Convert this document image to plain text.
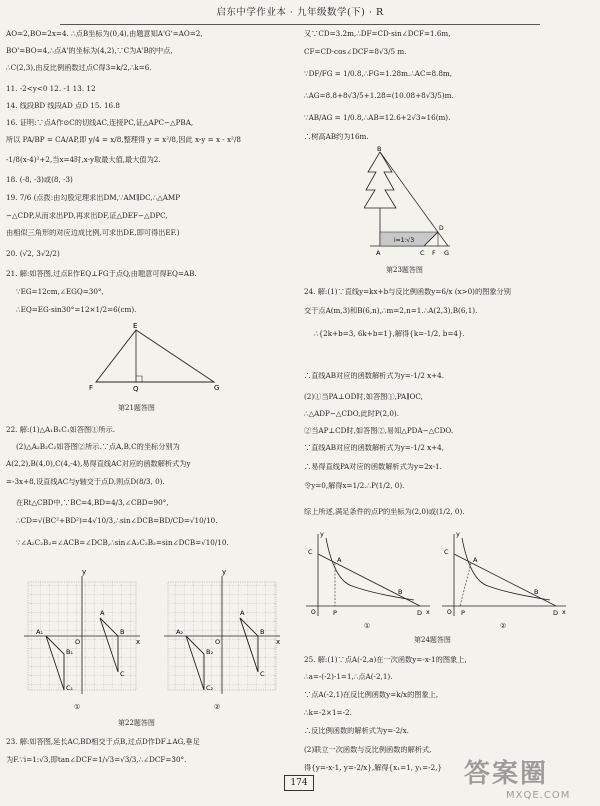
启东中学作业本 · 九年级数学(下) · R
AO=2,BO=2x=4. ∴点B坐标为(0,4),由题意知A'G'=AO=2,
BO'=BO=4,∴点A'的坐标为(4,2),∵C为A'B的中点,
∴C(2,3),由反比例函数过点C得3=k/2,∴k=6.
11. -2<y<0 12. -1 13. 12
14. 线段BD 线段AD 点D 15. 16.8
16. 证明:∵点A作⊙C的切线AC,连接PC,证△APC∽△PBA,
所以 PA/BP = CA/AP,即 y/4 = x/8,整理得 y = x²/8,因此 x-y = x - x²/8
-1/8(x-4)²+2,当x=4时,x-y取最大值,最大值为2.
18. (-8, -3)或(8, -3)
19. 7/6 (点拨:由勾股定理求出DM,∵AM∥DC,∴△AMP
∽△CDP,从而求出PD,再求出DF,证△DEF∽△DPC,
由相似三角形的对应边成比例,可求出DE,即可得出EF.)
20. (√2, 3√2/2)
21. 解:如答图,过点E作EQ⊥FG于点Q,由题意可得EQ=AB.
∵EG=12cm,∠EGQ=30°,
∴EQ=EG·sin30°=12×1/2=6(cm).
E
F	Q	G
第21题答图
22. 解:(1)△A₁B₁C₁如答图①所示.
(2)△A₂B₂C₂如答图②所示.∵点A,B,C的坐标分别为
A(2,2),B(4,0),C(4,-4),易得直线AC对应的函数解析式为y
=-3x+8,设直线AC与y轴交于点D,则点D(8/3, 0).
在Rt△CBD中,∵BC=4,BD=4/3,∠CBD=90°,
∴CD=√(BC²+BD²)=4√10/3,∴sin∠DCB=BD/CD=√10/10.
∵∠A₂C₂B₂=∠ACB=∠DCB,∴sin∠A₂C₂B₂=sin∠DCB=√10/10.
y
x
O
A
B
C
A₁
B₁
C₁
y
x
O
A
B
C
A₂
B₂
C₂
①	②
第22题答图
23. 解:如答图,延长AC,BD相交于点B,过点D作DF⊥AG,垂足
为F.∵i=1:√3,即tan∠DCF=1/√3=√3/3,∴∠DCF=30°.
又∵CD=3.2m,∴DF=CD·sin∠DCF=1.6m,
CF=CD·cos∠DCF=8√3/5 m.
∵DF/FG = 1/0.8,∴FG=1.28m.∴AC=8.8m,
∴AG=8.8+8√3/5+1.28=(10.08+8√3/5)m.
∵AB/AG = 1/0.8,∴AB=12.6+2√3≈16(m).
∴树高AB约为16m.
B
A	C F G
D
i=1:√3
第23题答图
24. 解:(1)∵直线y=kx+b与反比例函数y=6/x (x>0)的图象分别
交于点A(m,3)和B(6,n),∴m=2,n=1.∴A(2,3),B(6,1).
∴{2k+b=3, 6k+b=1},解得{k=-1/2, b=4}.
∴直线AB对应的函数解析式为y=-1/2 x+4.
(2)①当PA⊥OD时,如答图①,PA∥OC,
∴△ADP∽△CDO,此时P(2,0).
②当AP⊥CD时,如答图②,易知△PDA∽△CDO.
∵直线AB对应的函数解析式为y=-1/2 x+4,
∴易得直线PA对应的函数解析式为y=2x-1.
令y=0,解得x=1/2.∴P(1/2, 0).
综上所述,满足条件的点P的坐标为(2,0)或(1/2, 0).
y
x
O
C
A
B
P	D
y
x
O
C
A
B
P	D
①	②
第24题答图
25. 解:(1)∵点A(-2,a)在一次函数y=-x-1的图象上,
∴a=-(-2)-1=1,∴点A(-2,1).
∵点A(-2,1)在反比例函数y=k/x的图象上,
∴k=-2×1=-2.
∴反比例函数的解析式为y=-2/x.
(2)联立一次函数与反比例函数的解析式,
得{y=-x-1, y=-2/x},解得{x₁=1, y₁=-2,}
174	答案圈
MXQE.COM
